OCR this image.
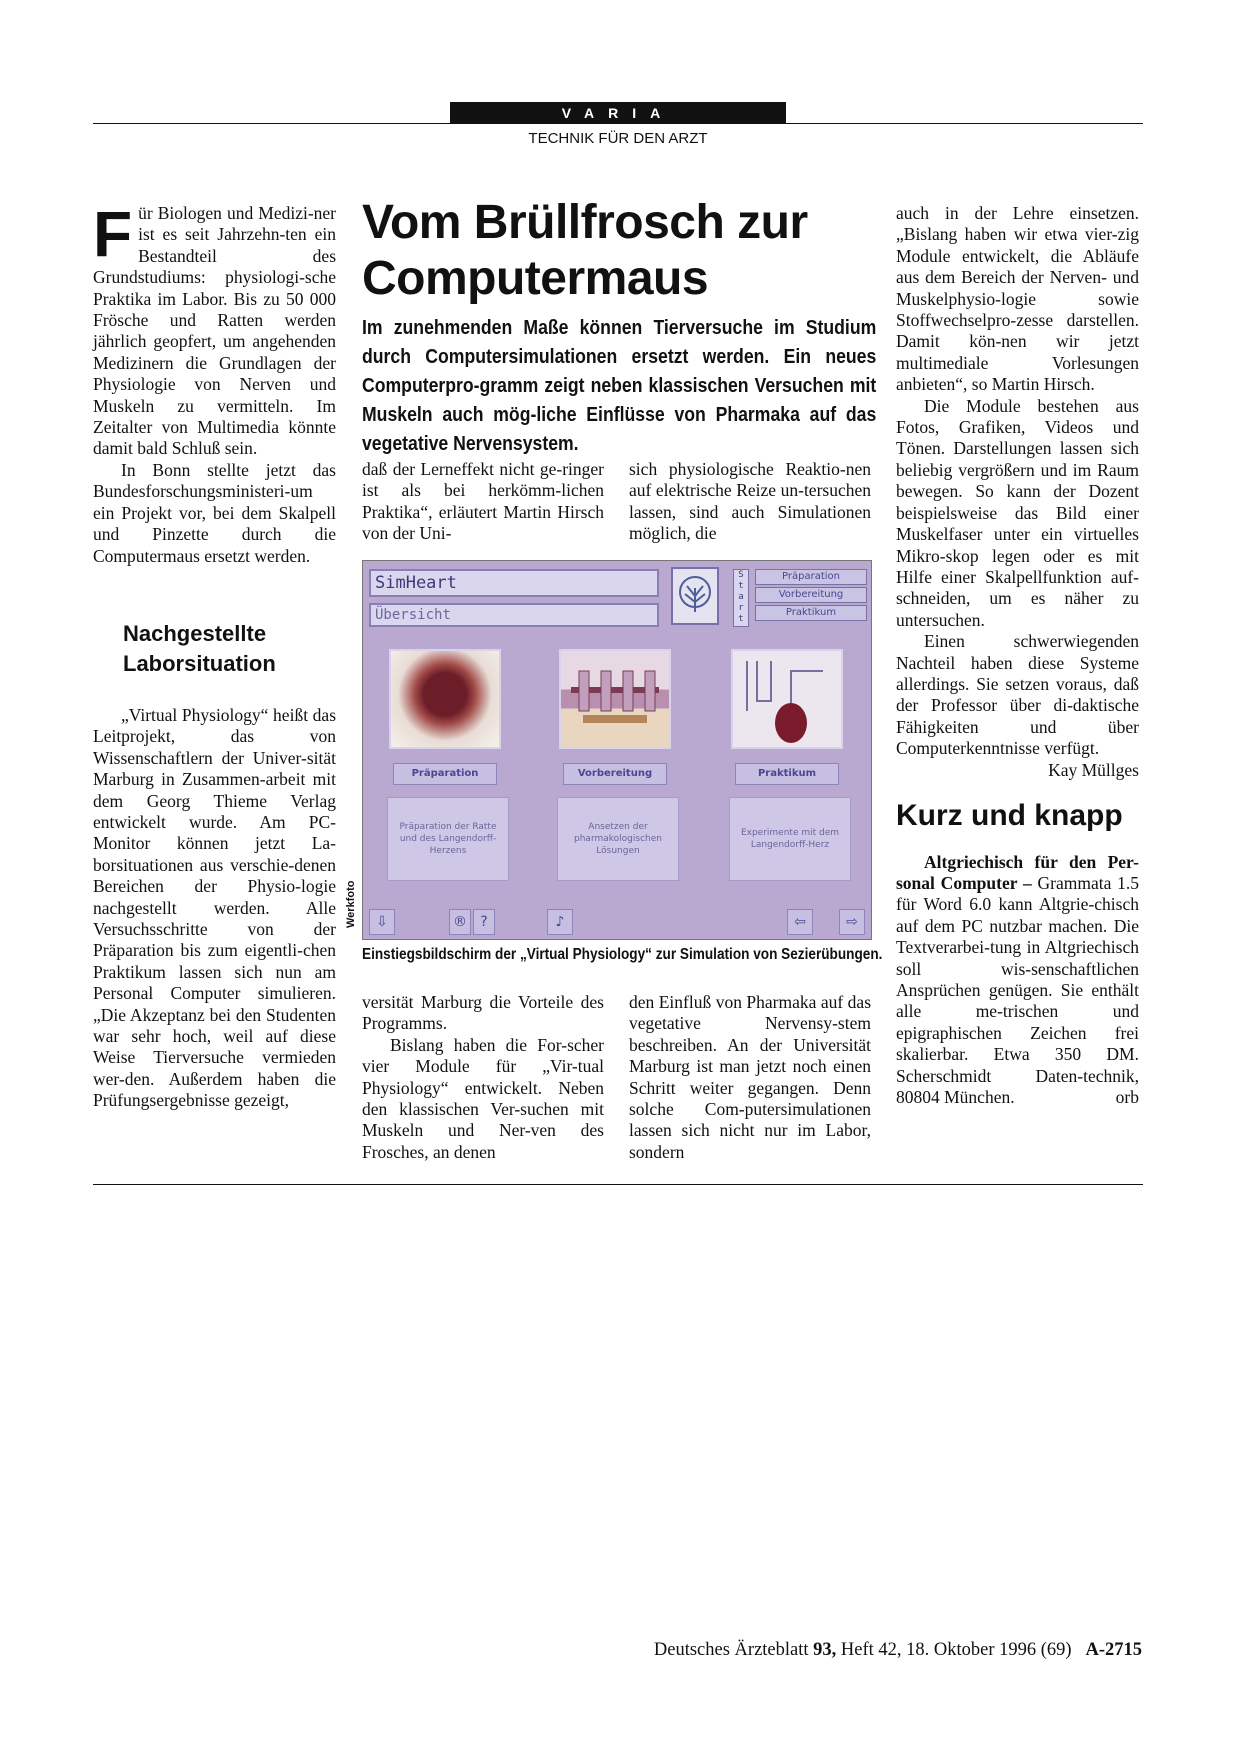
VARIA
TECHNIK FÜR DEN ARZT
F ür Biologen und Medizi-ner ist es seit Jahrzehn-ten ein Bestandteil des Grundstudiums: physiologi-sche Praktika im Labor. Bis zu 50 000 Frösche und Ratten werden jährlich geopfert, um angehenden Medizinern die Grundlagen der Physiologie von Nerven und Muskeln zu vermitteln. Im Zeitalter von Multimedia könnte damit bald Schluß sein.

In Bonn stellte jetzt das Bundesforschungsministeri-um ein Projekt vor, bei dem Skalpell und Pinzette durch die Computermaus ersetzt werden.

Nachgestellte Laborsituation

„Virtual Physiology“ heißt das Leitprojekt, das von Wissenschaftlern der Univer-sität Marburg in Zusammen-arbeit mit dem Georg Thieme Verlag entwickelt wurde. Am PC-Monitor können jetzt La-borsituationen aus verschie-denen Bereichen der Physio-logie nachgestellt werden. Alle Versuchsschritte von der Präparation bis zum eigentli-chen Praktikum lassen sich nun am Personal Computer simulieren. „Die Akzeptanz bei den Studenten war sehr hoch, weil auf diese Weise Tierversuche vermieden wer-den. Außerdem haben die Prüfungsergebnisse gezeigt,

Vom Brüllfrosch zur Computermaus
Im zunehmenden Maße können Tierversuche im Studium durch Computersimulationen ersetzt werden. Ein neues Computerpro-gramm zeigt neben klassischen Versuchen mit Muskeln auch mög-liche Einflüsse von Pharmaka auf das vegetative Nervensystem.

daß der Lerneffekt nicht ge-ringer ist als bei herkömm-lichen Praktika“, erläutert Martin Hirsch von der Uni-

sich physiologische Reaktio-nen auf elektrische Reize un-tersuchen lassen, sind auch Simulationen möglich, die

SimHeart
Übersicht
S t a r t
Präparation
Vorbereitung
Praktikum
Präparation	Vorbereitung	Praktikum
Präparation der Ratte und des Langendorff-Herzens
Ansetzen der pharmakologischen Lösungen
Experimente mit dem Langendorff-Herz
⇩	® ?	♪	⇦	⇨
Werkfoto
Einstiegsbildschirm der „Virtual Physiology“ zur Simulation von Sezierübungen.

versität Marburg die Vorteile des Programms.

Bislang haben die For-scher vier Module für „Vir-tual Physiology“ entwickelt. Neben den klassischen Ver-suchen mit Muskeln und Ner-ven des Frosches, an denen

den Einfluß von Pharmaka auf das vegetative Nervensy-stem beschreiben. An der Universität Marburg ist man jetzt noch einen Schritt weiter gegangen. Denn solche Com-putersimulationen lassen sich nicht nur im Labor, sondern

auch in der Lehre einsetzen. „Bislang haben wir etwa vier-zig Module entwickelt, die Abläufe aus dem Bereich der Nerven- und Muskelphysio-logie sowie Stoffwechselpro-zesse darstellen. Damit kön-nen wir jetzt multimediale Vorlesungen anbieten“, so Martin Hirsch.

Die Module bestehen aus Fotos, Grafiken, Videos und Tönen. Darstellungen lassen sich beliebig vergrößern und im Raum bewegen. So kann der Dozent beispielsweise das Bild einer Muskelfaser unter ein virtuelles Mikro-skop legen oder es mit Hilfe einer Skalpellfunktion auf-schneiden, um es näher zu untersuchen.

Einen schwerwiegenden Nachteil haben diese Systeme allerdings. Sie setzen voraus, daß der Professor über di-daktische Fähigkeiten und über Computerkenntnisse verfügt.
Kay Müllges

Kurz und knapp

Altgriechisch für den Per-sonal Computer – Grammata 1.5 für Word 6.0 kann Altgrie-chisch auf dem PC nutzbar machen. Die Textverarbei-tung in Altgriechisch soll wis-senschaftlichen Ansprüchen genügen. Sie enthält alle me-trischen und epigraphischen Zeichen frei skalierbar. Etwa 350 DM. Scherschmidt Daten-technik, 80804 München.	orb

Deutsches Ärzteblatt 93, Heft 42, 18. Oktober 1996 (69) A-2715
